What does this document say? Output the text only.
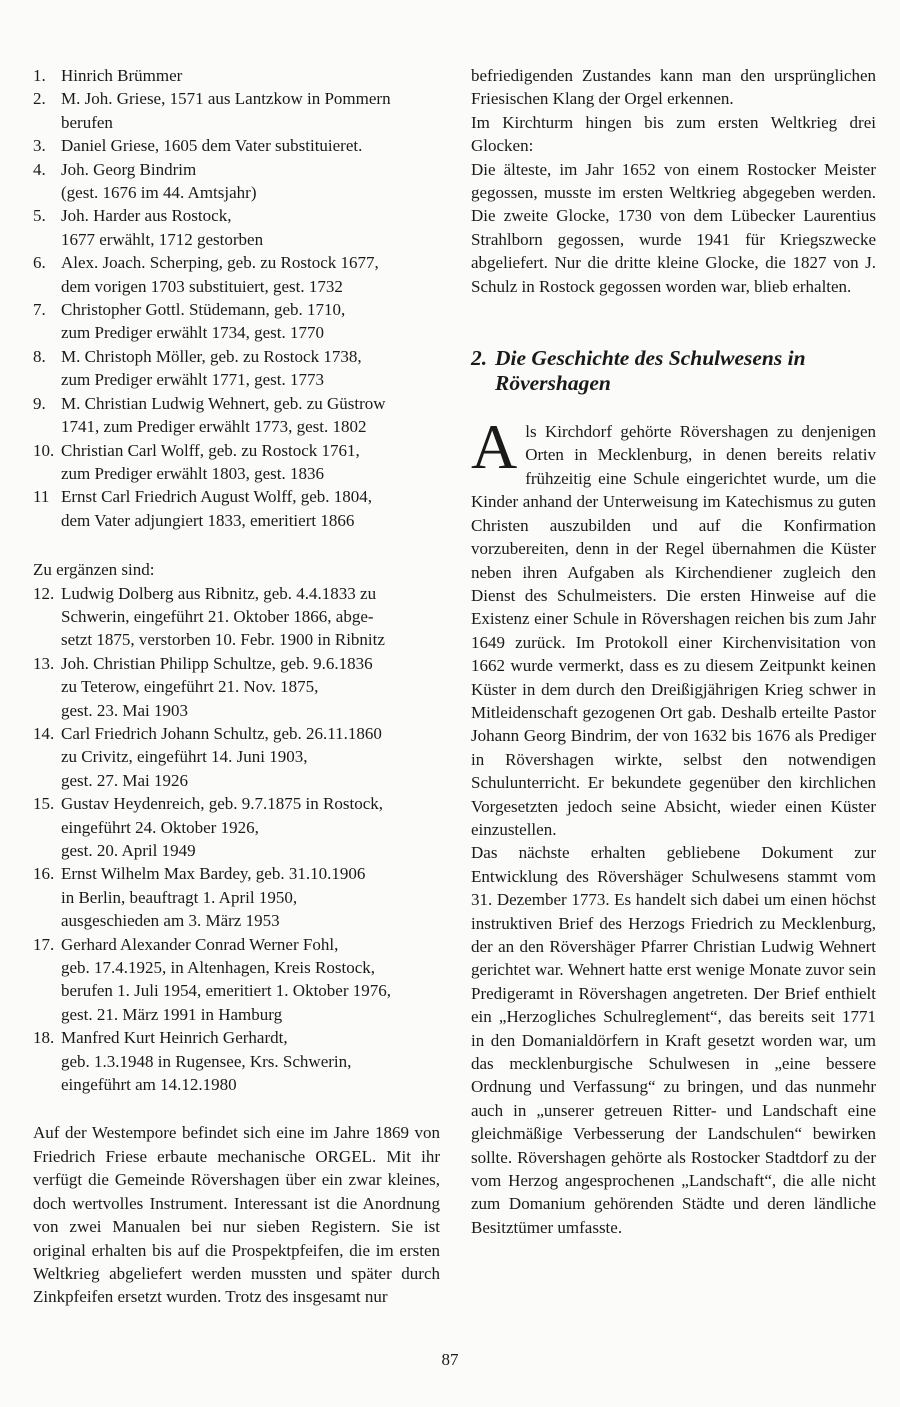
1. Hinrich Brümmer
2. M. Joh. Griese, 1571 aus Lantzkow in Pommern
berufen
3. Daniel Griese, 1605 dem Vater substituieret.
4. Joh. Georg Bindrim
(gest. 1676 im 44. Amtsjahr)
5. Joh. Harder aus Rostock,
1677 erwählt, 1712 gestorben
6. Alex. Joach. Scherping, geb. zu Rostock 1677,
dem vorigen 1703 substituiert, gest. 1732
7. Christopher Gottl. Stüdemann, geb. 1710,
zum Prediger erwählt 1734, gest. 1770
8. M. Christoph Möller, geb. zu Rostock 1738,
zum Prediger erwählt 1771, gest. 1773
9. M. Christian Ludwig Wehnert, geb. zu Güstrow
1741, zum Prediger erwählt 1773, gest. 1802
10. Christian Carl Wolff, geb. zu Rostock 1761,
zum Prediger erwählt 1803, gest. 1836
11 Ernst Carl Friedrich August Wolff, geb. 1804,
dem Vater adjungiert 1833, emeritiert 1866
Zu ergänzen sind:
12. Ludwig Dolberg aus Ribnitz, geb. 4.4.1833 zu
Schwerin, eingeführt 21. Oktober 1866, abge-
setzt 1875, verstorben 10. Febr. 1900 in Ribnitz
13. Joh. Christian Philipp Schultze, geb. 9.6.1836
zu Teterow, eingeführt 21. Nov. 1875,
gest. 23. Mai 1903
14. Carl Friedrich Johann Schultz, geb. 26.11.1860
zu Crivitz, eingeführt 14. Juni 1903,
gest. 27. Mai 1926
15. Gustav Heydenreich, geb. 9.7.1875 in Rostock,
eingeführt 24. Oktober 1926,
gest. 20. April 1949
16. Ernst Wilhelm Max Bardey, geb. 31.10.1906
in Berlin, beauftragt 1. April 1950,
ausgeschieden am 3. März 1953
17. Gerhard Alexander Conrad Werner Fohl,
geb. 17.4.1925, in Altenhagen, Kreis Rostock,
berufen 1. Juli 1954, emeritiert 1. Oktober 1976,
gest. 21. März 1991 in Hamburg
18. Manfred Kurt Heinrich Gerhardt,
geb. 1.3.1948 in Rugensee, Krs. Schwerin,
eingeführt am 14.12.1980

Auf der Westempore befindet sich eine im Jahre 1869 von Friedrich Friese erbaute mechanische ORGEL. Mit ihr verfügt die Gemeinde Rövershagen über ein zwar kleines, doch wertvolles Instrument. Interessant ist die Anordnung von zwei Manualen bei nur sieben Registern. Sie ist original erhalten bis auf die Prospektpfeifen, die im ersten Weltkrieg abgeliefert werden mussten und später durch Zinkpfeifen ersetzt wurden. Trotz des insgesamt nur

befriedigenden Zustandes kann man den ursprünglichen Friesischen Klang der Orgel erkennen.

Im Kirchturm hingen bis zum ersten Weltkrieg drei Glocken:

Die älteste, im Jahr 1652 von einem Rostocker Meister gegossen, musste im ersten Weltkrieg abgegeben werden. Die zweite Glocke, 1730 von dem Lübecker Laurentius Strahlborn gegossen, wurde 1941 für Kriegszwecke abgeliefert. Nur die dritte kleine Glocke, die 1827 von J. Schulz in Rostock gegossen worden war, blieb erhalten.

2. Die Geschichte des Schulwesens in Rövershagen

Als Kirchdorf gehörte Rövershagen zu denjenigen Orten in Mecklenburg, in denen bereits relativ frühzeitig eine Schule eingerichtet wurde, um die Kinder anhand der Unterweisung im Katechismus zu guten Christen auszubilden und auf die Konfirmation vorzubereiten, denn in der Regel übernahmen die Küster neben ihren Aufgaben als Kirchendiener zugleich den Dienst des Schulmeisters. Die ersten Hinweise auf die Existenz einer Schule in Rövershagen reichen bis zum Jahr 1649 zurück. Im Protokoll einer Kirchenvisitation von 1662 wurde vermerkt, dass es zu diesem Zeitpunkt keinen Küster in dem durch den Dreißigjährigen Krieg schwer in Mitleidenschaft gezogenen Ort gab. Deshalb erteilte Pastor Johann Georg Bindrim, der von 1632 bis 1676 als Prediger in Rövershagen wirkte, selbst den notwendigen Schulunterricht. Er bekundete gegenüber den kirchlichen Vorgesetzten jedoch seine Absicht, wieder einen Küster einzustellen.

Das nächste erhalten gebliebene Dokument zur Entwicklung des Rövershäger Schulwesens stammt vom 31. Dezember 1773. Es handelt sich dabei um einen höchst instruktiven Brief des Herzogs Friedrich zu Mecklenburg, der an den Rövershäger Pfarrer Christian Ludwig Wehnert gerichtet war. Wehnert hatte erst wenige Monate zuvor sein Predigeramt in Rövershagen angetreten. Der Brief enthielt ein „Herzogliches Schulreglement“, das bereits seit 1771 in den Domanialdörfern in Kraft gesetzt worden war, um das mecklenburgische Schulwesen in „eine bessere Ordnung und Verfassung“ zu bringen, und das nunmehr auch in „unserer getreuen Ritter- und Landschaft eine gleichmäßige Verbesserung der Landschulen“ bewirken sollte. Rövershagen gehörte als Rostocker Stadtdorf zu der vom Herzog angesprochenen „Landschaft“, die alle nicht zum Domanium gehörenden Städte und deren ländliche Besitztümer umfasste.

87
